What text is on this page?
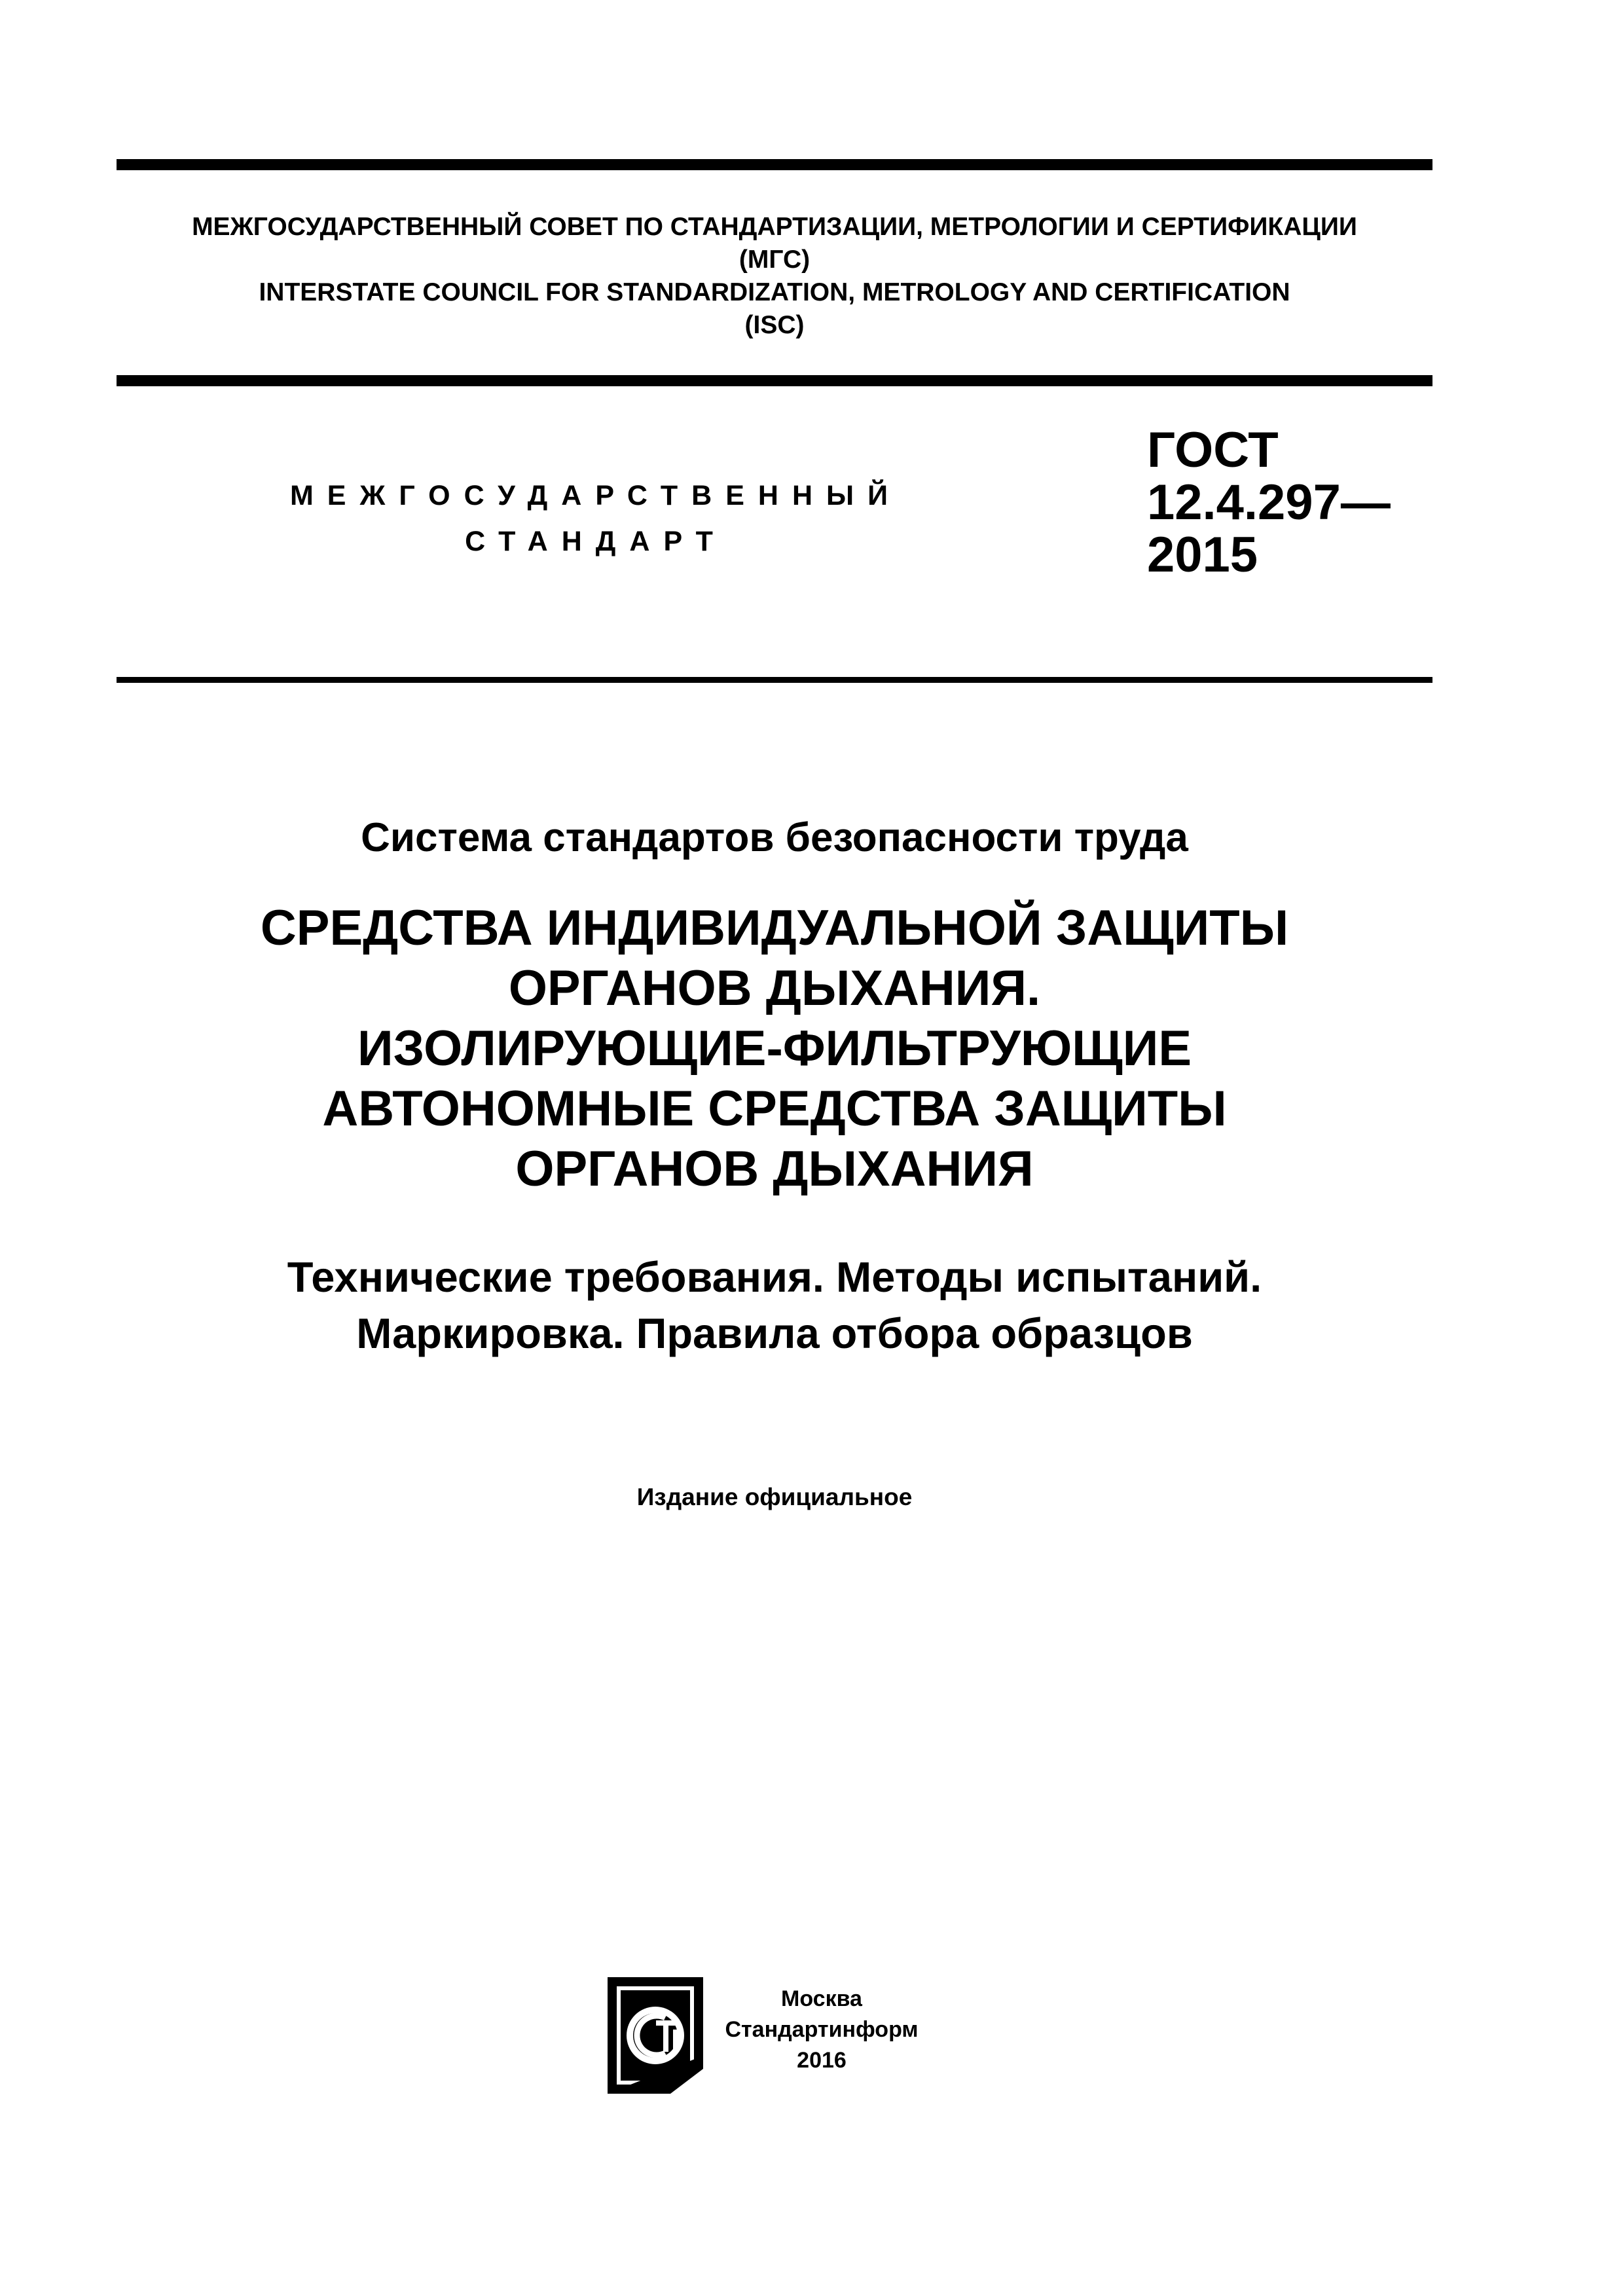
МЕЖГОСУДАРСТВЕННЫЙ СОВЕТ ПО СТАНДАРТИЗАЦИИ, МЕТРОЛОГИИ И СЕРТИФИКАЦИИ
(МГС)
INTERSTATE COUNCIL FOR STANDARDIZATION, METROLOGY AND CERTIFICATION
(ISC)
МЕЖГОСУДАРСТВЕННЫЙ
СТАНДАРТ
ГОСТ
12.4.297—
2015
Система стандартов безопасности труда
СРЕДСТВА ИНДИВИДУАЛЬНОЙ ЗАЩИТЫ
ОРГАНОВ ДЫХАНИЯ.
ИЗОЛИРУЮЩИЕ-ФИЛЬТРУЮЩИЕ
АВТОНОМНЫЕ СРЕДСТВА ЗАЩИТЫ
ОРГАНОВ ДЫХАНИЯ
Технические требования. Методы испытаний.
Маркировка. Правила отбора образцов
Издание официальное
Москва
Стандартинформ
2016
